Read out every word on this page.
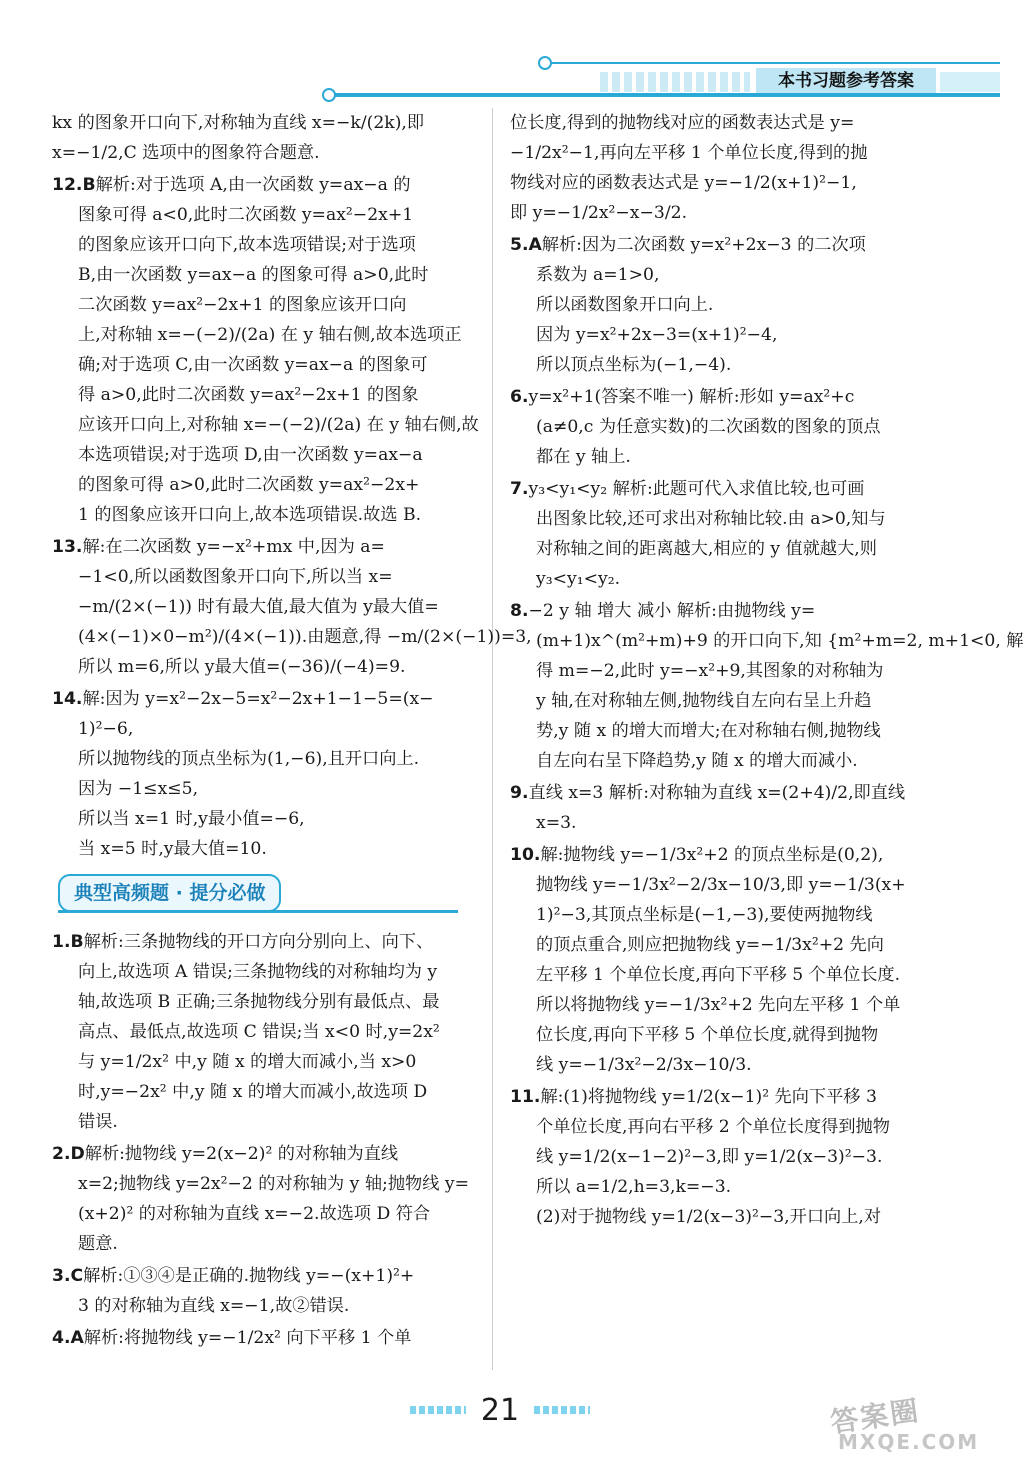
本书习题参考答案
kx 的图象开口向下,对称轴为直线 x=−k/(2k),即
x=−1/2,C 选项中的图象符合题意.
12.B解析:对于选项 A,由一次函数 y=ax−a 的
图象可得 a<0,此时二次函数 y=ax²−2x+1
的图象应该开口向下,故本选项错误;对于选项
B,由一次函数 y=ax−a 的图象可得 a>0,此时
二次函数 y=ax²−2x+1 的图象应该开口向
上,对称轴 x=−(−2)/(2a) 在 y 轴右侧,故本选项正
确;对于选项 C,由一次函数 y=ax−a 的图象可
得 a>0,此时二次函数 y=ax²−2x+1 的图象
应该开口向上,对称轴 x=−(−2)/(2a) 在 y 轴右侧,故
本选项错误;对于选项 D,由一次函数 y=ax−a
的图象可得 a>0,此时二次函数 y=ax²−2x+
1 的图象应该开口向上,故本选项错误.故选 B.
13.解:在二次函数 y=−x²+mx 中,因为 a=
−1<0,所以函数图象开口向下,所以当 x=
−m/(2×(−1)) 时有最大值,最大值为 y最大值=
(4×(−1)×0−m²)/(4×(−1)).由题意,得 −m/(2×(−1))=3,
所以 m=6,所以 y最大值=(−36)/(−4)=9.
14.解:因为 y=x²−2x−5=x²−2x+1−1−5=(x−
1)²−6,
所以抛物线的顶点坐标为(1,−6),且开口向上.
因为 −1≤x≤5,
所以当 x=1 时,y最小值=−6,
当 x=5 时,y最大值=10.
典型高频题 · 提分必做
1.B解析:三条抛物线的开口方向分别向上、向下、
向上,故选项 A 错误;三条抛物线的对称轴均为 y
轴,故选项 B 正确;三条抛物线分别有最低点、最
高点、最低点,故选项 C 错误;当 x<0 时,y=2x²
与 y=1/2x² 中,y 随 x 的增大而减小,当 x>0
时,y=−2x² 中,y 随 x 的增大而减小,故选项 D
错误.
2.D解析:抛物线 y=2(x−2)² 的对称轴为直线
x=2;抛物线 y=2x²−2 的对称轴为 y 轴;抛物线 y=
(x+2)² 的对称轴为直线 x=−2.故选项 D 符合
题意.
3.C解析:①③④是正确的.抛物线 y=−(x+1)²+
3 的对称轴为直线 x=−1,故②错误.
4.A解析:将抛物线 y=−1/2x² 向下平移 1 个单
位长度,得到的抛物线对应的函数表达式是 y=
−1/2x²−1,再向左平移 1 个单位长度,得到的抛
物线对应的函数表达式是 y=−1/2(x+1)²−1,
即 y=−1/2x²−x−3/2.
5.A解析:因为二次函数 y=x²+2x−3 的二次项
系数为 a=1>0,
所以函数图象开口向上.
因为 y=x²+2x−3=(x+1)²−4,
所以顶点坐标为(−1,−4).
6.y=x²+1(答案不唯一) 解析:形如 y=ax²+c
(a≠0,c 为任意实数)的二次函数的图象的顶点
都在 y 轴上.
7.y₃<y₁<y₂ 解析:此题可代入求值比较,也可画
出图象比较,还可求出对称轴比较.由 a>0,知与
对称轴之间的距离越大,相应的 y 值就越大,则
y₃<y₁<y₂.
8.−2 y 轴 增大 减小 解析:由抛物线 y=
(m+1)x^(m²+m)+9 的开口向下,知 {m²+m=2, m+1<0, 解
得 m=−2,此时 y=−x²+9,其图象的对称轴为
y 轴,在对称轴左侧,抛物线自左向右呈上升趋
势,y 随 x 的增大而增大;在对称轴右侧,抛物线
自左向右呈下降趋势,y 随 x 的增大而减小.
9.直线 x=3 解析:对称轴为直线 x=(2+4)/2,即直线
x=3.
10.解:抛物线 y=−1/3x²+2 的顶点坐标是(0,2),
抛物线 y=−1/3x²−2/3x−10/3,即 y=−1/3(x+
1)²−3,其顶点坐标是(−1,−3),要使两抛物线
的顶点重合,则应把抛物线 y=−1/3x²+2 先向
左平移 1 个单位长度,再向下平移 5 个单位长度.
所以将抛物线 y=−1/3x²+2 先向左平移 1 个单
位长度,再向下平移 5 个单位长度,就得到抛物
线 y=−1/3x²−2/3x−10/3.
11.解:(1)将抛物线 y=1/2(x−1)² 先向下平移 3
个单位长度,再向右平移 2 个单位长度得到抛物
线 y=1/2(x−1−2)²−3,即 y=1/2(x−3)²−3.
所以 a=1/2,h=3,k=−3.
(2)对于抛物线 y=1/2(x−3)²−3,开口向上,对
21	答案圈
MXQE.COM
